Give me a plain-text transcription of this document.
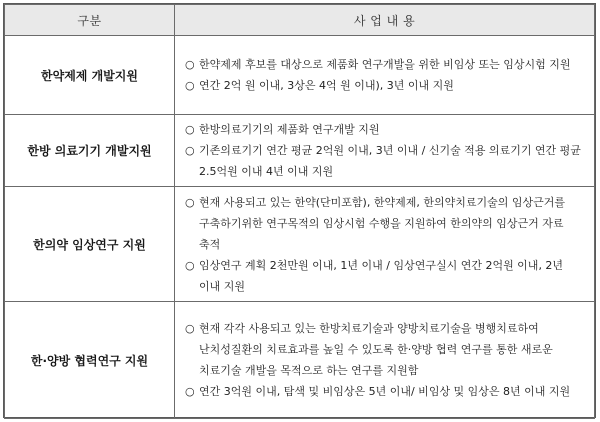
구분	사 업 내 용
한약제제 개발지원	○ 한약제제 후보를 대상으로 제품화 연구개발을 위한 비임상 또는 임상시험 지원
○ 연간 2억 원 이내, 3상은 4억 원 이내), 3년 이내 지원

한방 의료기기 개발지원	○ 한방의료기기의 제품화 연구개발 지원
○ 기존의료기기 연간 평균 2억원 이내, 3년 이내 / 신기술 적용 의료기기 연간 평균 2.5억원 이내 4년 이내 지원

한의약 임상연구 지원	○ 현재 사용되고 있는 한약(단미포함), 한약제제, 한의약치료기술의 임상근거를 구축하기위한 연구목적의 임상시험 수행을 지원하여 한의약의 임상근거 자료 축적
○ 임상연구 계획 2천만원 이내, 1년 이내 / 임상연구실시 연간 2억원 이내, 2년 이내 지원

한·양방 협력연구 지원	○ 현재 각각 사용되고 있는 한방치료기술과 양방치료기술을 병행치료하여 난치성질환의 치료효과를 높일 수 있도록 한·양방 협력 연구를 통한 새로운 치료기술 개발을 목적으로 하는 연구를 지원함
○ 연간 3억원 이내, 탐색 및 비임상은 5년 이내/ 비임상 및 임상은 8년 이내 지원
